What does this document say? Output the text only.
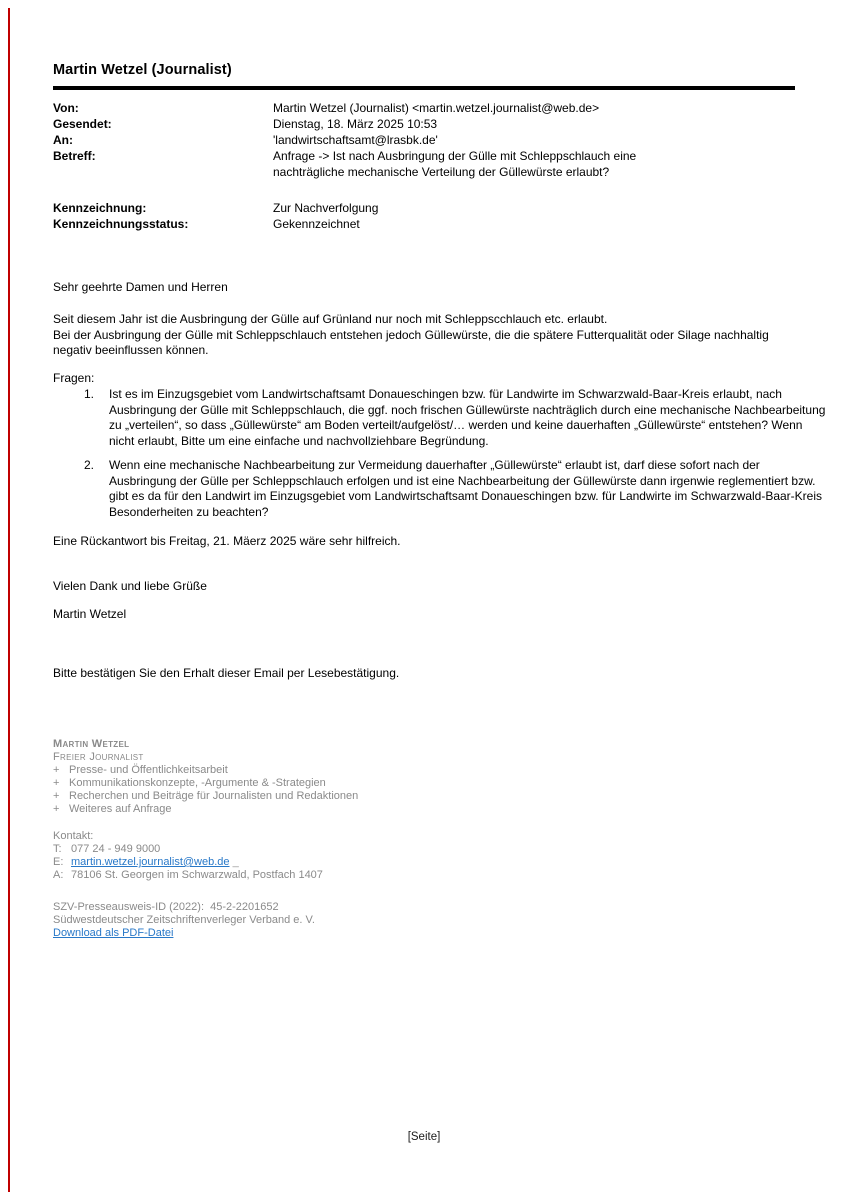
Martin Wetzel (Journalist)
Von:	Martin Wetzel (Journalist) <martin.wetzel.journalist@web.de>
Gesendet:	Dienstag, 18. März 2025 10:53
An:	'landwirtschaftsamt@lrasbk.de'
Betreff:	Anfrage -> Ist nach Ausbringung der Gülle mit Schleppschlauch eine nachträgliche mechanische Verteilung der Güllewürste erlaubt?
Kennzeichnung:	Zur Nachverfolgung
Kennzeichnungsstatus:	Gekennzeichnet
Sehr geehrte Damen und Herren
Seit diesem Jahr ist die Ausbringung der Gülle auf Grünland nur noch mit Schleppscchlauch etc. erlaubt.
Bei der Ausbringung der Gülle mit Schleppschlauch entstehen jedoch Güllewürste, die die spätere Futterqualität oder Silage nachhaltig negativ beeinflussen können.
Fragen:
1.	Ist es im Einzugsgebiet vom Landwirtschaftsamt Donaueschingen bzw. für Landwirte im Schwarzwald-Baar-Kreis erlaubt, nach Ausbringung der Gülle mit Schleppschlauch, die ggf. noch frischen Güllewürste nachträglich durch eine mechanische Nachbearbeitung zu „verteilen“, so dass „Güllewürste“ am Boden verteilt/aufgelöst/… werden und keine dauerhaften „Güllewürste“ entstehen? Wenn nicht erlaubt, Bitte um eine einfache und nachvollziehbare Begründung.
2.	Wenn eine mechanische Nachbearbeitung zur Vermeidung dauerhafter „Güllewürste“ erlaubt ist, darf diese sofort nach der Ausbringung der Gülle per Schleppschlauch erfolgen und ist eine Nachbearbeitung der Güllewürste dann irgenwie reglementiert bzw. gibt es da für den Landwirt im Einzugsgebiet vom Landwirtschaftsamt Donaueschingen bzw. für Landwirte im Schwarzwald-Baar-Kreis Besonderheiten zu beachten?
Eine Rückantwort bis Freitag, 21. Mäerz 2025 wäre sehr hilfreich.
Vielen Dank und liebe Grüße
Martin Wetzel
Bitte bestätigen Sie den Erhalt dieser Email per Lesebestätigung.
Martin Wetzel
Freier Journalist
+ Presse- und Öffentlichkeitsarbeit
+ Kommunikationskonzepte, -Argumente & -Strategien
+ Recherchen und Beiträge für Journalisten und Redaktionen
+ Weiteres auf Anfrage
Kontakt:
T: 077 24 - 949 9000
E: martin.wetzel.journalist@web.de _
A: 78106 St. Georgen im Schwarzwald, Postfach 1407
SZV-Presseausweis-ID (2022):  45-2-2201652
Südwestdeutscher Zeitschriftenverleger Verband e. V.
Download als PDF-Datei
[Seite]
